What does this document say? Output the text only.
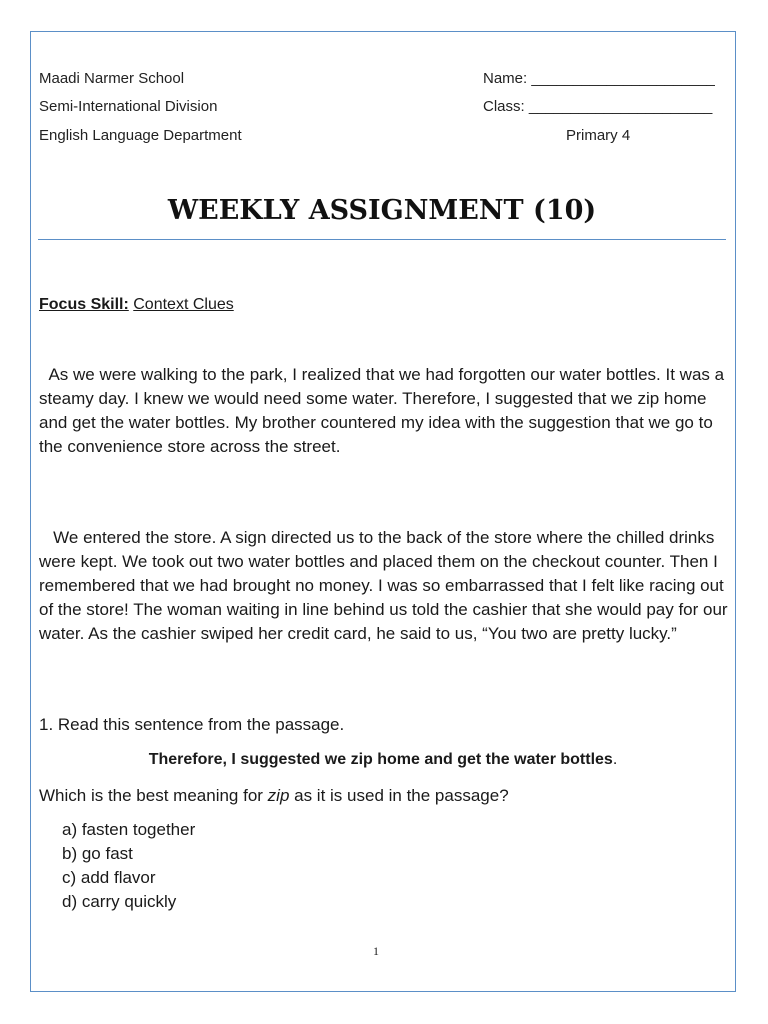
Maadi Narmer School
Semi-International Division
English Language Department
Name: ______________________
Class: ______________________
Primary 4
WEEKLY ASSIGNMENT (10)
Focus Skill: Context Clues
As we were walking to the park, I realized that we had forgotten our water bottles. It was a steamy day. I knew we would need some water. Therefore, I suggested that we zip home and get the water bottles. My brother countered my idea with the suggestion that we go to the convenience store across the street.
We entered the store. A sign directed us to the back of the store where the chilled drinks were kept. We took out two water bottles and placed them on the checkout counter. Then I remembered that we had brought no money. I was so embarrassed that I felt like racing out of the store! The woman waiting in line behind us told the cashier that she would pay for our water. As the cashier swiped her credit card, he said to us, “You two are pretty lucky.”
1. Read this sentence from the passage.
Therefore, I suggested we zip home and get the water bottles.
Which is the best meaning for zip as it is used in the passage?
a) fasten together
b) go fast
c) add flavor
d) carry quickly
1
